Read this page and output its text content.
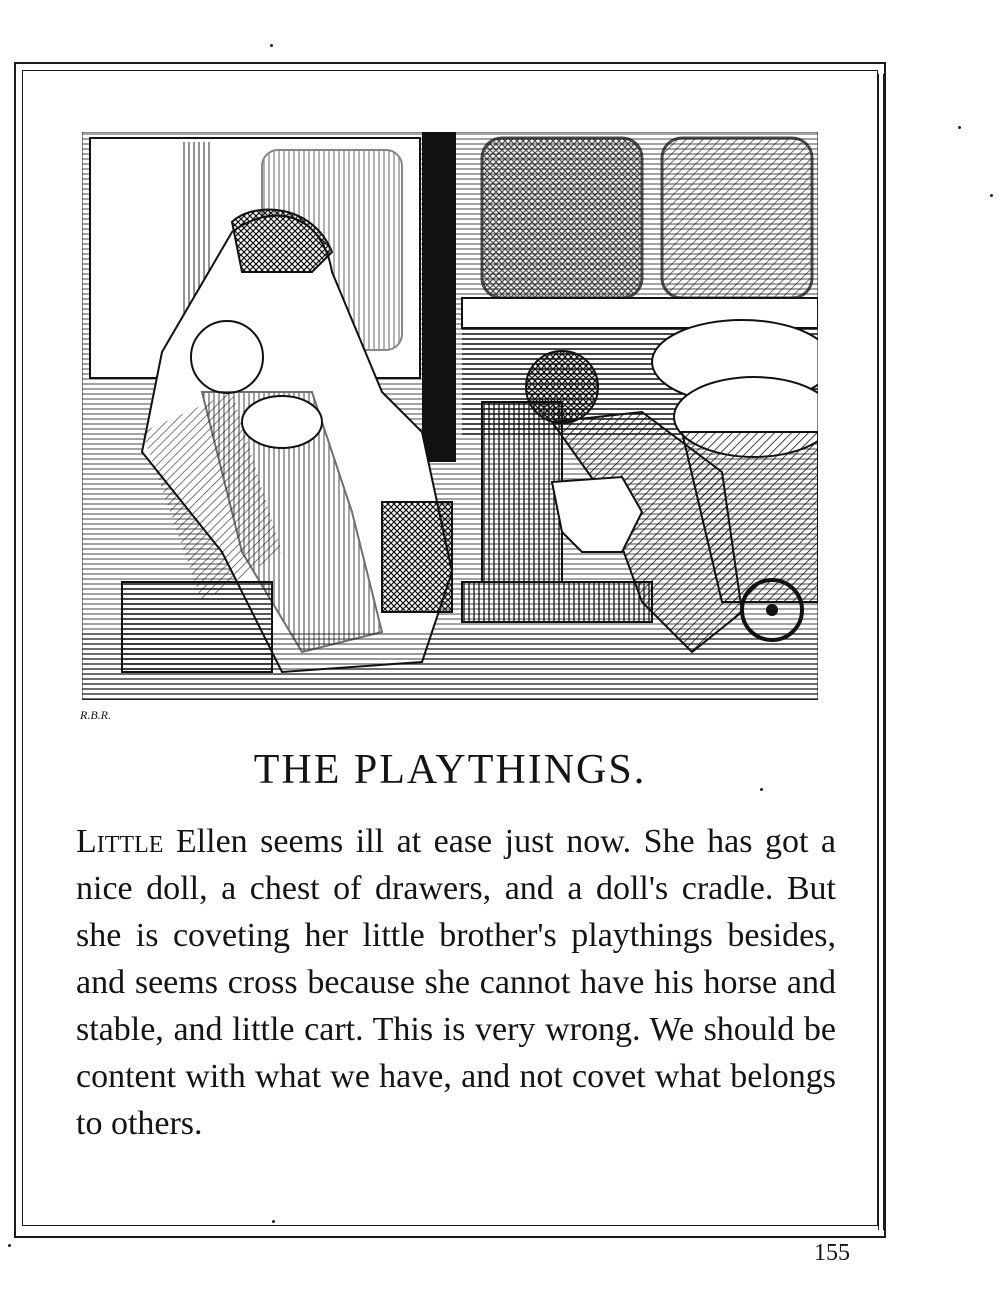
R.B.R.
THE PLAYTHINGS.

Little Ellen seems ill at ease just now. She has got a nice doll, a chest of drawers, and a doll's cradle. But she is coveting her little brother's playthings besides, and seems cross because she cannot have his horse and stable, and little cart. This is very wrong. We should be content with what we have, and not covet what belongs to others.

155
